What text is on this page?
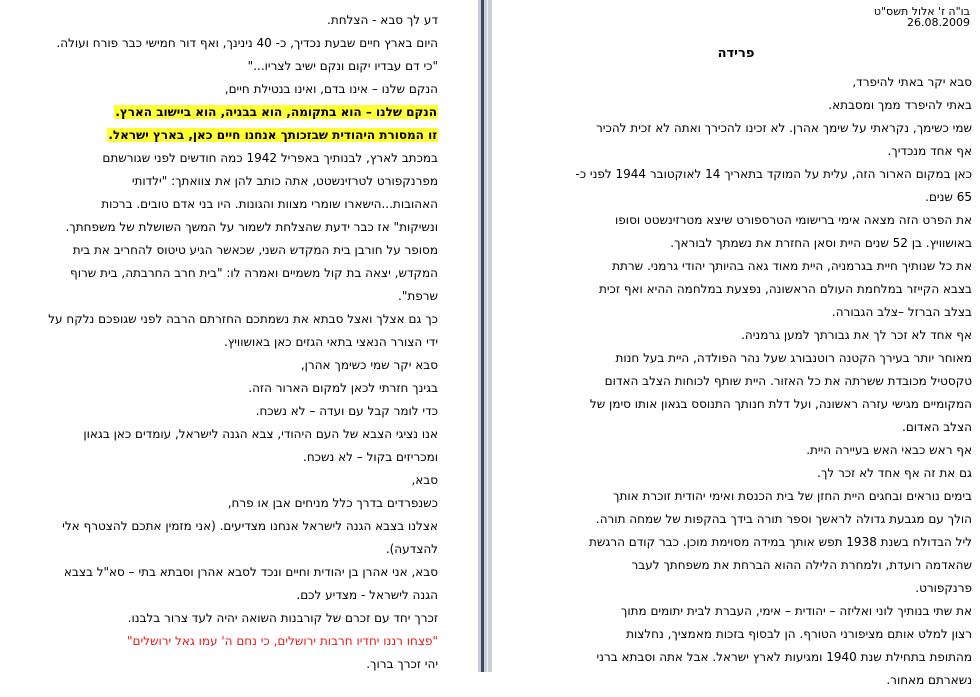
דע לך סבא - הצלחת.
היום בארץ חיים שבעת נכדיך, כ- 40 נינינך, ואף דור חמישי כבר פורח ועולה.
"כי דם עבדיו יקום ונקם ישיב לצריו..."
הנקם שלנו – אינו בדם, ואינו בנטילת חיים,
הנקם שלנו – הוא בתקומה, הוא בבניה, הוא ביישוב הארץ.
זו המסורת היהודית שבזכותך אנחנו חיים כאן, בארץ ישראל.
במכתב לארץ, לבנותיך באפריל 1942 כמה חודשים לפני שגורשתם
מפרנקפורט לטרזינשטט, אתה כותב להן את צוואתך: "ילדותי
האהובות...הישארו שומרי מצוות והגונות. היו בני אדם טובים. ברכות
ונשיקות" אז כבר ידעת שהצלחת לשמור על המשך השושלת של משפחתך.
מסופר על חורבן בית המקדש השני, שכאשר הגיע טיטוס להחריב את בית
המקדש, יצאה בת קול משמיים ואמרה לו: "בית חרב החרבתה, בית שרוף
שרפת".
כך גם אצלך ואצל סבתא את נשמתכם החזרתם הרבה לפני שגופכם נלקח על
ידי הצורר הנאצי בתאי הגזים כאן באושוויץ.
סבא יקר שמי כשימך אהרן,
בגינך חזרתי לכאן למקום הארור הזה.
כדי לומר קבל עם ועדה – לא נשכח.
אנו נציגי הצבא של העם היהודי, צבא הגנה לישראל, עומדים כאן בגאון
ומכריזים בקול – לא נשכח.
סבא,
כשנפרדים בדרך כלל מניחים אבן או פרח,
אצלנו בצבא הגנה לישראל אנחנו מצדיעים. (אני מזמין אתכם להצטרף אלי
להצדעה).
סבא, אני אהרן בן יהודית וחיים ונכד לסבא אהרן וסבתא בתי – סא"ל בצבא
הגנה לישראל - מצדיע לכם.
זכרך יחד עם זכרם של קורבנות השואה יהיה לעד צרור בלבנו.
"פצחו רננו יחדיו חרבות ירושלים, כי נחם ה' עמו גאל ירושלים"
יהי זכרך ברוך.
בו"ה ז' אלול תשס"ט
26.08.2009
פרידה
סבא יקר באתי להיפרד,
באתי להיפרד ממך ומסבתא.
שמי כשימך, נקראתי על שימך אהרן. לא זכינו להכירך ואתה לא זכית להכיר
אף אחד מנכדיך.
כאן במקום הארור הזה, עלית על המוקד בתאריך 14 לאוקטובר 1944 לפני כ-
65 שנים.
את הפרט הזה מצאה אימי ברישומי הטרספורט שיצא מטרזינשטט וסופו
באושוויץ. בן 52 שנים היית וסאן החזרת את נשמתך לבוראך.
את כל שנותיך חיית בגרמניה, היית מאוד גאה בהיותך יהודי גרמני. שרתת
בצבא הקייזר במלחמת העולם הראשונה, נפצעת במלחמה ההיא ואף זכית
בצלב הברזל –צלב הגבורה.
אף אחד לא זכר לך את גבורתך למען גרמניה.
מאוחר יותר בעירך הקטנה רוטנבורג שעל נהר הפולדה, היית בעל חנות
טקסטיל מכובדת ששרתה את כל האזור. היית שותף לכוחות הצלב האדום
המקומיים מגישי עזרה ראשונה, ועל דלת חנותך התנוסס בגאון אותו סימן של
הצלב האדום.
אף ראש כבאי האש בעיירה היית.
גם את זה אף אחד לא זכר לך.
בימים נוראים ובחגים היית החזן של בית הכנסת ואימי יהודית זוכרת אותך
הולך עם מגבעת גדולה לראשך וספר תורה בידך בהקפות של שמחה תורה.
ליל הבדולח בשנת 1938 תפש אותך במידה מסוימת מוכן. כבר קודם הרגשת
שהאדמה רועדת, ולמחרת הלילה ההוא הברחת את משפחתך לעבר
פרנקפורט.
את שתי בנותיך לוני ואליזה – יהודית – אימי, העברת לבית יתומים מתוך
רצון למלט אותם מציפורני הטורף. הן לבסוף בזכות מאמציך, נחלצות
מהתופת בתחילת שנת 1940 ומגיעות לארץ ישראל. אבל אתה וסבתא ברני
נשארתם מאחור.
